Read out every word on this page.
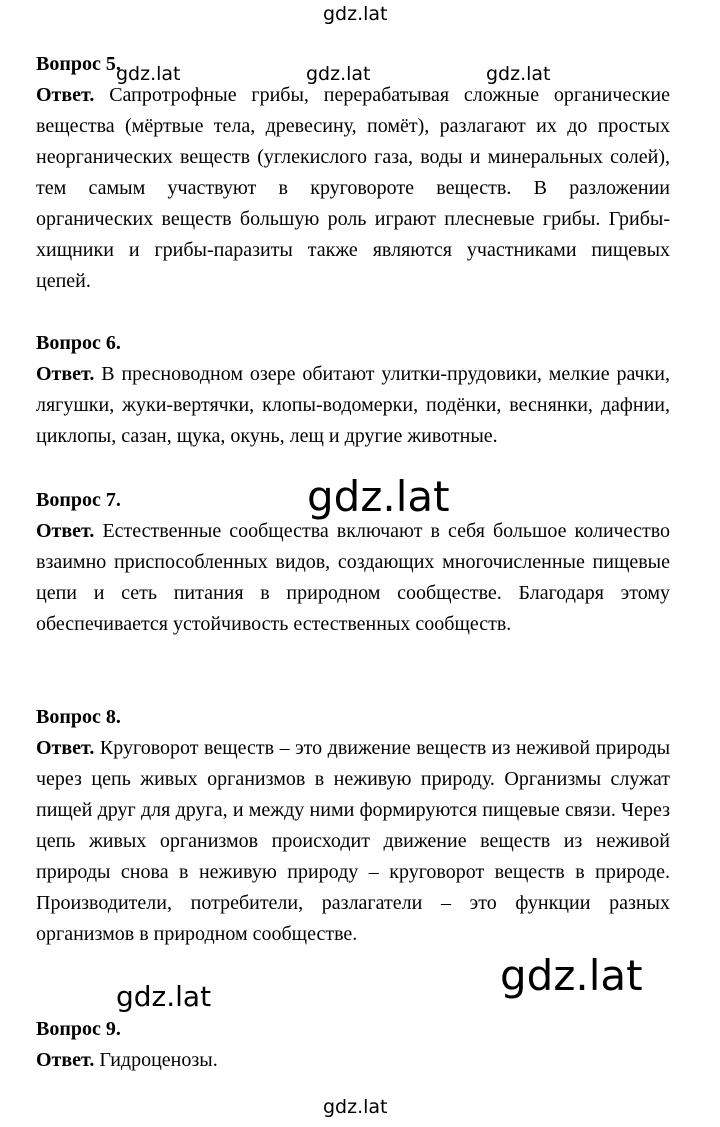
gdz.lat
gdz.lat	gdz.lat	gdz.lat
gdz.lat
gdz.lat
gdz.lat
gdz.lat

Вопрос 5.

Ответ. Сапротрофные грибы, перерабатывая сложные органические вещества (мёртвые тела, древесину, помёт), разлагают их до простых неорганических веществ (углекислого газа, воды и минеральных солей), тем самым участвуют в круговороте веществ. В разложении органических веществ большую роль играют плесневые грибы. Грибы-хищники и грибы-паразиты также являются участниками пищевых цепей.

Вопрос 6.

Ответ. В пресноводном озере обитают улитки-прудовики, мелкие рачки, лягушки, жуки-вертячки, клопы-водомерки, подёнки, веснянки, дафнии, циклопы, сазан, щука, окунь, лещ и другие животные.

Вопрос 7.

Ответ. Естественные сообщества включают в себя большое количество взаимно приспособленных видов, создающих многочисленные пищевые цепи и сеть питания в природном сообществе. Благодаря этому обеспечивается устойчивость естественных сообществ.

Вопрос 8.

Ответ. Круговорот веществ – это движение веществ из неживой природы через цепь живых организмов в неживую природу. Организмы служат пищей друг для друга, и между ними формируются пищевые связи. Через цепь живых организмов происходит движение веществ из неживой природы снова в неживую природу – круговорот веществ в природе. Производители, потребители, разлагатели – это функции разных организмов в природном сообществе.

Вопрос 9.

Ответ. Гидроценозы.
